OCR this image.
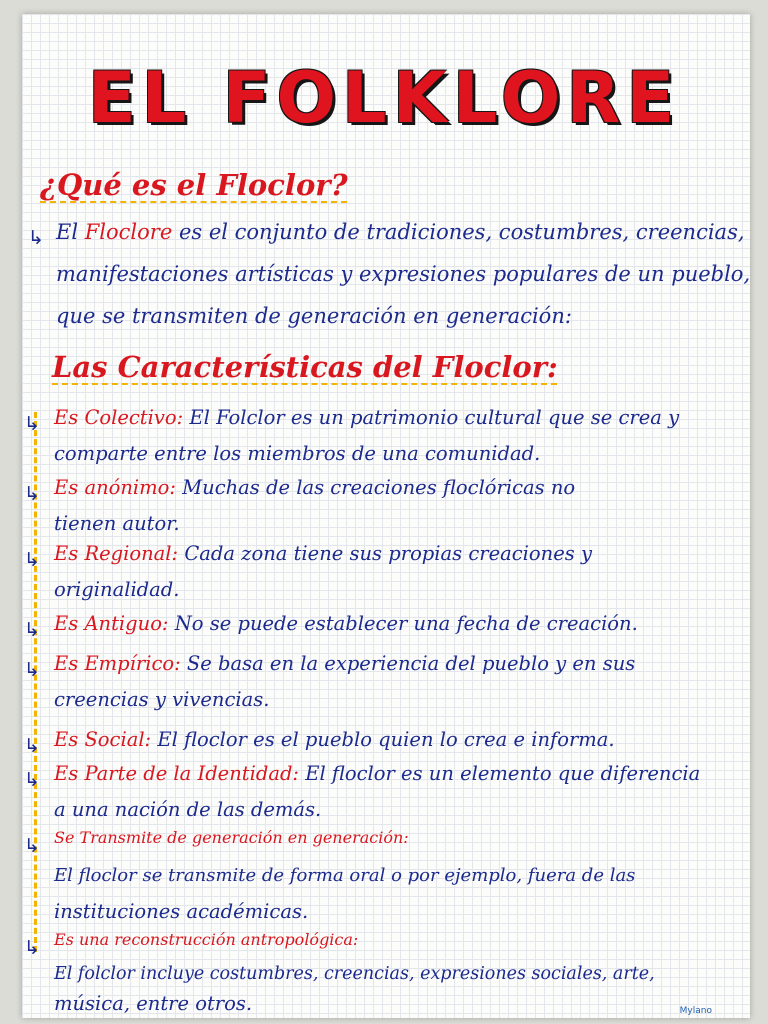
EL FOLKLORE
¿Qué es el Floclor?
↳ El Floclore es el conjunto de tradiciones, costumbres, creencias,
manifestaciones artísticas y expresiones populares de un pueblo,
que se transmiten de generación en generación:
Las Características del Floclor:
↳ Es Colectivo: El Folclor es un patrimonio cultural que se crea y
comparte entre los miembros de una comunidad.
↳ Es anónimo: Muchas de las creaciones floclóricas no
tienen autor.
↳ Es Regional: Cada zona tiene sus propias creaciones y
originalidad.
↳ Es Antiguo: No se puede establecer una fecha de creación.
↳ Es Empírico: Se basa en la experiencia del pueblo y en sus
creencias y vivencias.
↳ Es Social: El floclor es el pueblo quien lo crea e informa.
↳ Es Parte de la Identidad: El floclor es un elemento que diferencia
a una nación de las demás.
↳ Se Transmite de generación en generación:
El floclor se transmite de forma oral o por ejemplo, fuera de las
instituciones académicas.
↳ Es una reconstrucción antropológica:
El folclor incluye costumbres, creencias, expresiones sociales, arte,
música, entre otros.	Mylano
